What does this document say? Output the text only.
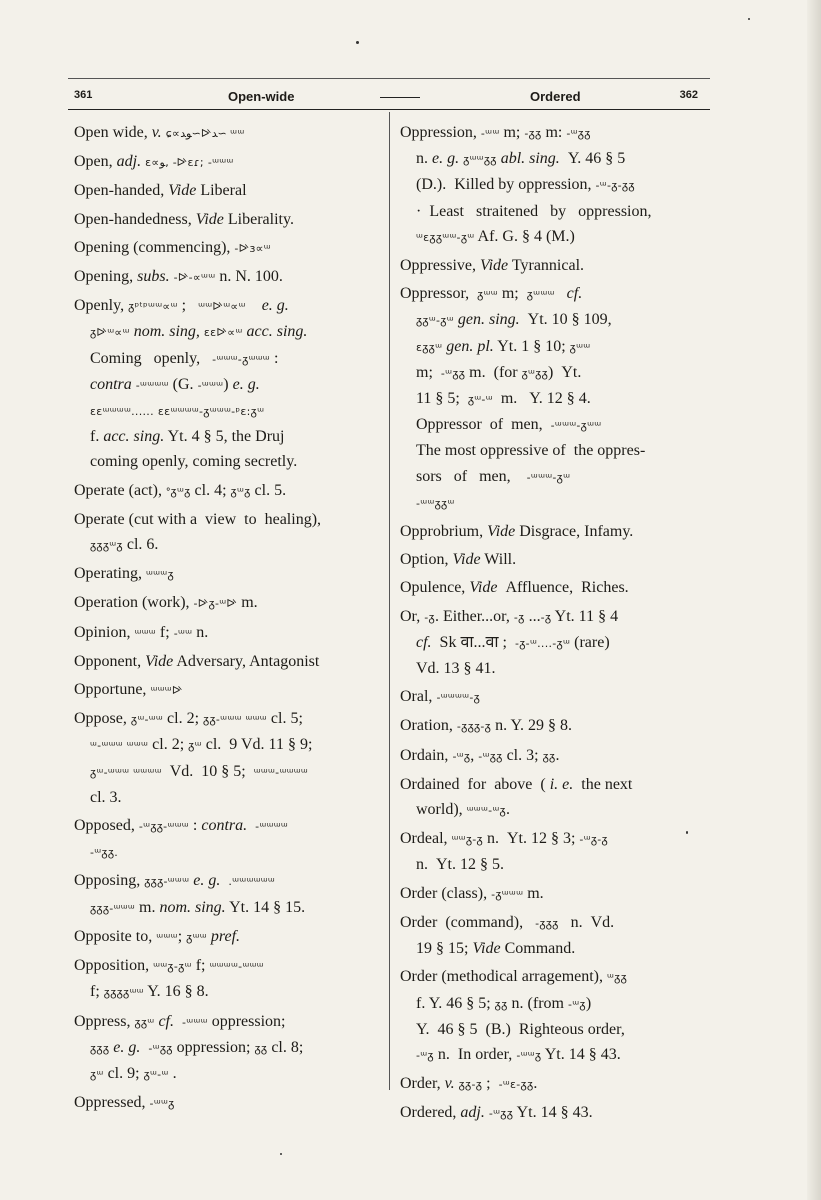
361	Open-wide	Ordered	362
Open wide, v. ɕ∝ﻮﺪ∽ᐭﺪ∽ ᵚᵚ
Open, adj. ɛ∝ﻮ, -ᐭɛɾ; -ᵚᵚᵚ
Open-handed, Vide Liberal
Open-handedness, Vide Liberality.
Opening (commencing), -ᐭɜ∝ᵚ
Opening, subs. -ᐭ-∝ᵚᵚ n. N. 100.
Openly, ᵹᵖᵗᵖᵚᵚ∝ᵚ ;   ᵚᵚᐭᵚ∝ᵚ e. g.
ᵹᐭᵚ∝ᵚ nom. sing, ɛɛᐭ∝ᵚ acc. sing.
Coming   openly,   -ᵚᵚᵚ-ᵹᵚᵚᵚ :
contra -ᵚᵚᵚᵚ (G. -ᵚᵚᵚ) e. g.
ɛɛᵚᵚᵚᵚ...... ɛɛᵚᵚᵚᵚ-ᵹᵚᵚᵚ-ᵖɛ:ᵹᵚ
f. acc. sing. Yt. 4 § 5, the Druj
coming openly, coming secretly.
Operate (act), ᐤᵹᵚᵹ cl. 4; ᵹᵚᵹ cl. 5.
Operate (cut with a  view  to  healing),
ᵹᵹᵹᵚᵹ cl. 6.
Operating, ᵚᵚᵚᵹ
Operation (work), -ᐭᵹ-ᵚᐭ m.
Opinion, ᵚᵚᵚ f; -ᵚᵚ n.
Opponent, Vide Adversary, Antagonist
Opportune, ᵚᵚᵚᐭ
Oppose, ᵹᵚ-ᵚᵚ cl. 2; ᵹᵹ-ᵚᵚᵚ ᵚᵚᵚ cl. 5;
ᵚ-ᵚᵚᵚ ᵚᵚᵚ cl. 2; ᵹᵚ cl.  9 Vd. 11 § 9;
ᵹᵚ-ᵚᵚᵚ ᵚᵚᵚᵚ  Vd.  10 § 5;  ᵚᵚᵚ-ᵚᵚᵚᵚ
cl. 3.
Opposed, -ᵚᵹᵹ-ᵚᵚᵚ : contra. -ᵚᵚᵚᵚ
-ᵚᵹᵹ.
Opposing, ᵹᵹᵹ-ᵚᵚᵚ e. g. .ᵚᵚᵚᵚᵚᵚ
ᵹᵹᵹ-ᵚᵚᵚ m. nom. sing. Yt. 14 § 15.
Opposite to, ᵚᵚᵚ; ᵹᵚᵚ pref.
Opposition, ᵚᵚᵹ-ᵹᵚ f; ᵚᵚᵚᵚ-ᵚᵚᵚ
f; ᵹᵹᵹᵹᵚᵚ Y. 16 § 8.
Oppress, ᵹᵹᵚ cf. -ᵚᵚᵚ oppression;
ᵹᵹᵹ e. g. -ᵚᵹᵹ oppression; ᵹᵹ cl. 8;
ᵹᵚ cl. 9; ᵹᵚ-ᵚ .
Oppressed, -ᵚᵚᵹ
Oppression, -ᵚᵚ m; -ᵹᵹ m: -ᵚᵹᵹ
n. e. g. ᵹᵚᵚᵹᵹ abl. sing.  Y. 46 § 5
(D.).  Killed by oppression, -ᵚ-ᵹ-ᵹᵹ
·  Least   straitened   by   oppression,
ᵚɛᵹᵹᵚᵚ-ᵹᵚ Af. G. § 4 (M.)
Oppressive, Vide Tyrannical.
Oppressor,  ᵹᵚᵚ m;  ᵹᵚᵚᵚ cf.
ᵹᵹᵚ-ᵹᵚ gen. sing.  Yt. 10 § 109,
ɛᵹᵹᵚ gen. pl. Yt. 1 § 10; ᵹᵚᵚ
m;  -ᵚᵹᵹ m.  (for ᵹᵚᵹᵹ)  Yt.
11 § 5;  ᵹᵚ-ᵚ  m.   Y. 12 § 4.
Oppressor  of  men,  -ᵚᵚᵚ-ᵹᵚᵚ
The most oppressive of  the oppres-
sors   of   men,    -ᵚᵚᵚ-ᵹᵚ
-ᵚᵚᵹᵹᵚ
Opprobrium, Vide Disgrace, Infamy.
Option, Vide Will.
Opulence, Vide  Affluence,  Riches.
Or, -ᵹ. Either...or, -ᵹ ...-ᵹ Yt. 11 § 4
cf.  Sk वा...वा ;  -ᵹ-ᵚ....-ᵹᵚ (rare)
Vd. 13 § 41.
Oral, -ᵚᵚᵚᵚ-ᵹ
Oration, -ᵹᵹᵹ-ᵹ n. Y. 29 § 8.
Ordain, -ᵚᵹ, -ᵚᵹᵹ cl. 3; ᵹᵹ.
Ordained  for  above  ( i. e.  the next
world), ᵚᵚᵚ-ᵚᵹ.
Ordeal, ᵚᵚᵹ-ᵹ n.  Yt. 12 § 3; -ᵚᵹ-ᵹ
n.  Yt. 12 § 5.
Order (class), -ᵹᵚᵚᵚ m.
Order  (command),   -ᵹᵹᵹ   n.  Vd.
19 § 15; Vide Command.
Order (methodical arragement), ᵚᵹᵹ
f. Y. 46 § 5; ᵹᵹ n. (from -ᵚᵹ)
Y.  46 § 5  (B.)  Righteous order,
-ᵚᵹ n.  In order, -ᵚᵚᵹ Yt. 14 § 43.
Order, v. ᵹᵹ-ᵹ ;  -ᵚɛ-ᵹᵹ.
Ordered, adj. -ᵚᵹᵹ Yt. 14 § 43.
